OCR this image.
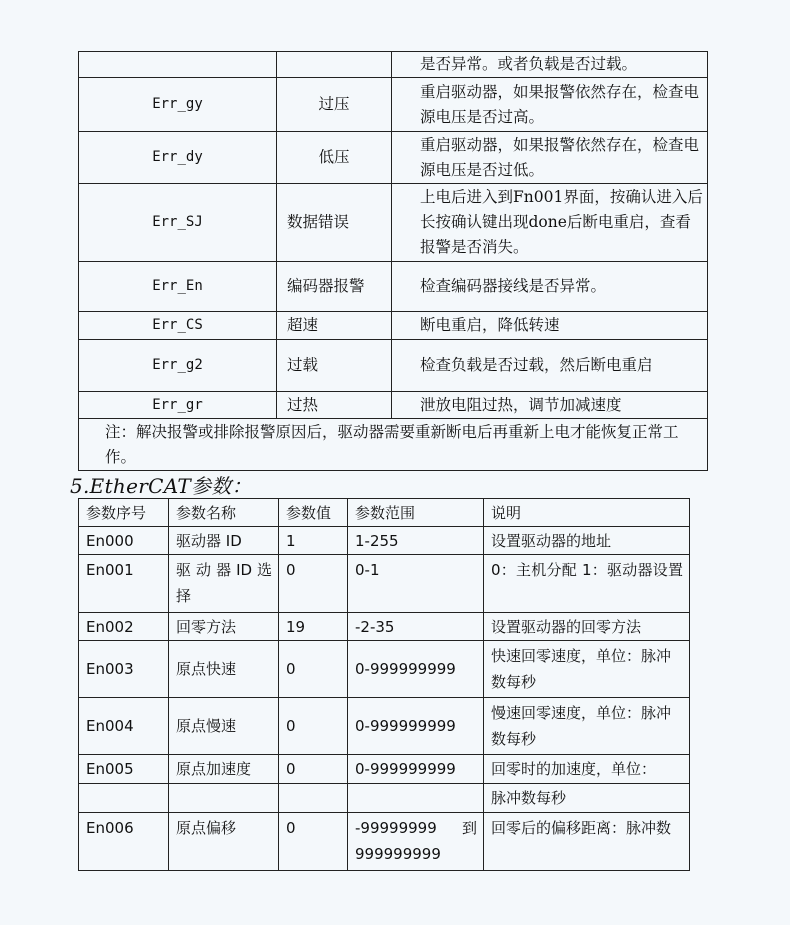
		是否异常。或者负载是否过载。
Err_gy	过压	重启驱动器，如果报警依然存在，检查电源电压是否过高。
Err_dy	低压	重启驱动器，如果报警依然存在，检查电源电压是否过低。
Err_SJ	数据错误	上电后进入到Fn001界面，按确认进入后长按确认键出现done后断电重启，查看报警是否消失。
Err_En	编码器报警	检查编码器接线是否异常。
Err_CS	超速	断电重启，降低转速
Err_g2	过载	检查负载是否过载，然后断电重启
Err_gr	过热	泄放电阻过热，调节加减速度
注：解决报警或排除报警原因后，驱动器需要重新断电后再重新上电才能恢复正常工作。		
5.EtherCAT参数：
参数序号	参数名称	参数值	参数范围	说明
En000	驱动器 ID	1	1-255	设置驱动器的地址
En001	驱 动 器 ID 选择	0	0-1	0：主机分配 1：驱动器设置
En002	回零方法	19	-2-35	设置驱动器的回零方法
En003	原点快速	0	0-999999999	快速回零速度，单位：脉冲数每秒
En004	原点慢速	0	0-999999999	慢速回零速度，单位：脉冲数每秒
En005	原点加速度	0	0-999999999	回零时的加速度，单位：
				脉冲数每秒
En006	原点偏移	0	-99999999 到 999999999	回零后的偏移距离：脉冲数
